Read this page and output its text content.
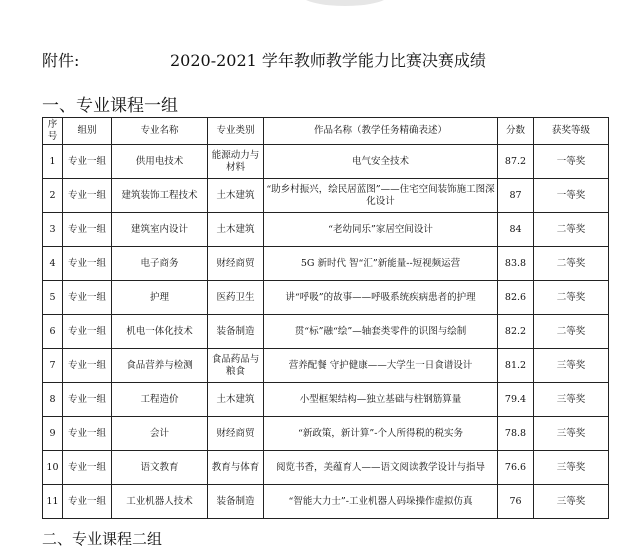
附件:	2020-2021 学年教师教学能力比赛决赛成绩
一、专业课程一组
序号	组别	专业名称	专业类别	作品名称（教学任务精确表述）	分数	获奖等级
1	专业一组	供用电技术	能源动力与材料	电气安全技术	87.2	一等奖
2	专业一组	建筑装饰工程技术	土木建筑	“助乡村振兴，绘民居蓝图”——住宅空间装饰施工图深化设计	87	一等奖
3	专业一组	建筑室内设计	土木建筑	“老幼同乐”家居空间设计	84	二等奖
4	专业一组	电子商务	财经商贸	5G 新时代 智“汇”新能量--短视频运营	83.8	二等奖
5	专业一组	护理	医药卫生	讲“呼吸”的故事——呼吸系统疾病患者的护理	82.6	二等奖
6	专业一组	机电一体化技术	装备制造	贯“标”融“绘”—轴套类零件的识图与绘制	82.2	二等奖
7	专业一组	食品营养与检测	食品药品与粮食	营养配餐 守护健康——大学生一日食谱设计	81.2	三等奖
8	专业一组	工程造价	土木建筑	小型框架结构—独立基础与柱钢筋算量	79.4	三等奖
9	专业一组	会计	财经商贸	“新政策，新计算”-个人所得税的税实务	78.8	三等奖
10	专业一组	语文教育	教育与体育	阅览书香，美蕴育人——语文阅读教学设计与指导	76.6	三等奖
11	专业一组	工业机器人技术	装备制造	“智能大力士”-工业机器人码垛操作虚拟仿真	76	三等奖
二、专业课程二组
